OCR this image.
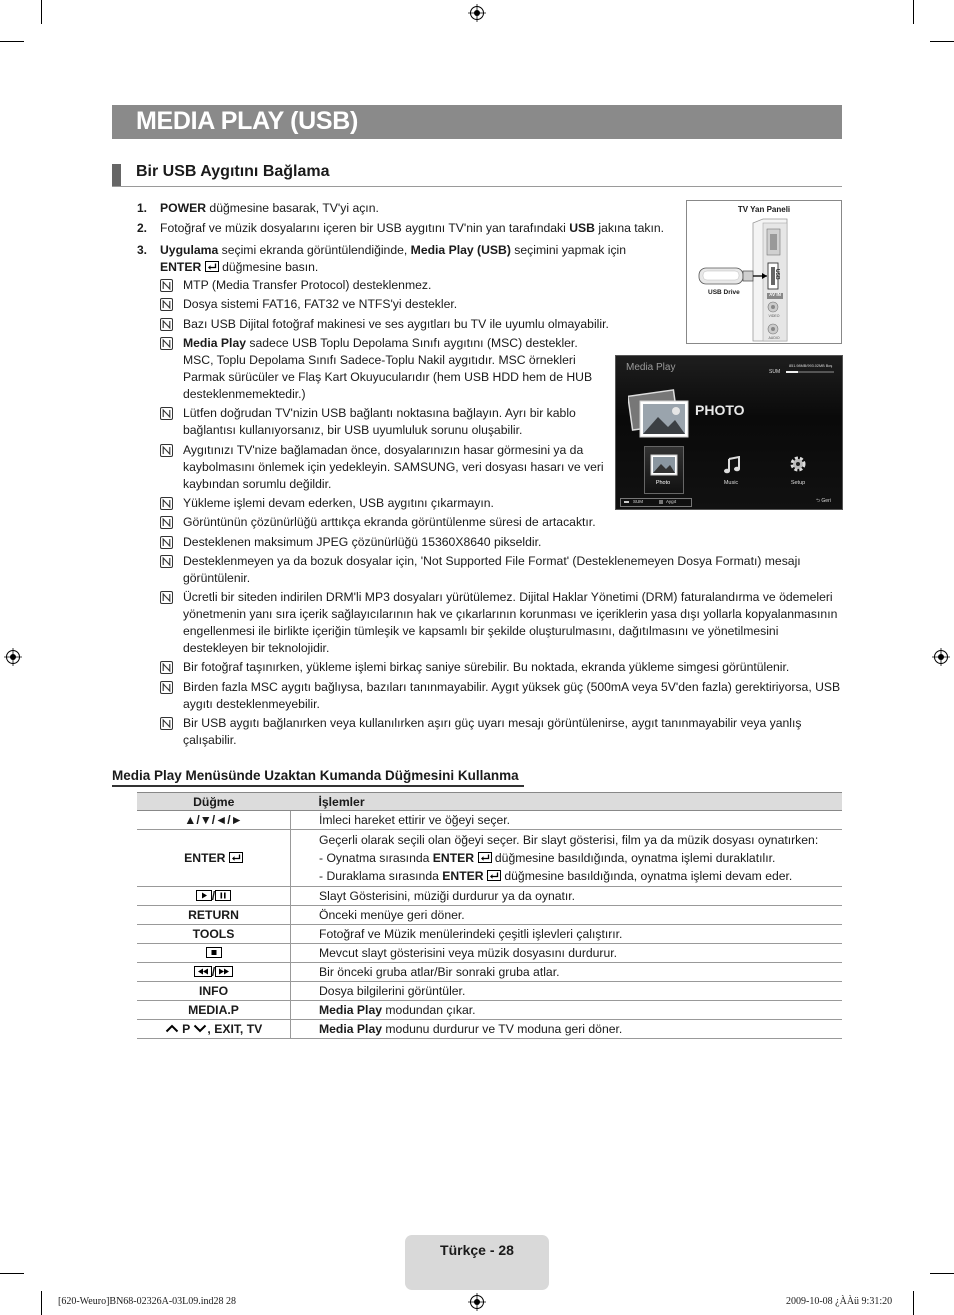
MEDIA PLAY (USB)
Bir USB Aygıtını Bağlama
1. POWER düğmesine basarak, TV'yi açın.
2. Fotoğraf ve müzik dosyalarını içeren bir USB aygıtını TV'nin yan tarafındaki USB jakına takın.
3. Uygulama seçimi ekranda görüntülendiğinde, Media Play (USB) seçimini yapmak için
ENTER  düğmesine basın.
MTP (Media Transfer Protocol) desteklenmez.
Dosya sistemi FAT16, FAT32 ve NTFS'yi destekler.
Bazı USB Dijital fotoğraf makinesi ve ses aygıtları bu TV ile uyumlu olmayabilir.
Media Play sadece USB Toplu Depolama Sınıfı aygıtını (MSC) destekler.
MSC, Toplu Depolama Sınıfı Sadece-Toplu Nakil aygıtıdır. MSC örnekleri
Parmak sürücüler ve Flaş Kart Okuyucularıdır (hem USB HDD hem de HUB
desteklenmemektedir.)
Lütfen doğrudan TV'nizin USB bağlantı noktasına bağlayın. Ayrı bir kablo
bağlantısı kullanıyorsanız, bir USB uyumluluk sorunu oluşabilir.
Aygıtınızı TV'nize bağlamadan önce, dosyalarınızın hasar görmesini ya da
kaybolmasını önlemek için yedekleyin. SAMSUNG, veri dosyası hasarı ve veri
kaybından sorumlu değildir.
Yükleme işlemi devam ederken, USB aygıtını çıkarmayın.
Görüntünün çözünürlüğü arttıkça ekranda görüntülenme süresi de artacaktır.
Desteklenen maksimum JPEG çözünürlüğü 15360X8640 pikseldir.
Desteklenmeyen ya da bozuk dosyalar için, 'Not Supported File Format' (Desteklenemeyen Dosya Formatı) mesajı
görüntülenir.
Ücretli bir siteden indirilen DRM'li MP3 dosyaları yürütülemez. Dijital Haklar Yönetimi (DRM) faturalandırma ve ödemeleri
yönetmenin yanı sıra içerik sağlayıcılarının hak ve çıkarlarının korunması ve içeriklerin yasa dışı yollarla kopyalanmasının
engellenmesi ile birlikte içeriğin tümleşik ve kapsamlı bir şekilde oluşturulmasını, dağıtılmasını ve yönetilmesini
destekleyen bir teknolojidir.
Bir fotoğraf taşınırken, yükleme işlemi birkaç saniye sürebilir. Bu noktada, ekranda yükleme simgesi görüntülenir.
Birden fazla MSC aygıtı bağlıysa, bazıları tanınmayabilir. Aygıt yüksek güç (500mA veya 5V'den fazla) gerektiriyorsa, USB
aygıtı desteklenmeyebilir.
Bir USB aygıtı bağlanırken veya kullanılırken aşırı güç uyarı mesajı görüntülenirse, aygıt tanınmayabilir veya yanlış
çalışabilir.
TV Yan Paneli
USB Drive
USB
AV IN
VIDEO
AUDIO
Media Play	SUM
851.98MB/993.02MB Boş
PHOTO
Photo	Music	Setup
SUM	Aygıt	⮌ Geri
Media Play Menüsünde Uzaktan Kumanda Düğmesini Kullanma
Düğme	İşlemler
▲/▼/◄/►	İmleci hareket ettirir ve öğeyi seçer.
ENTER	Geçerli olarak seçili olan öğeyi seçer. Bir slayt gösterisi, film ya da müzik dosyası oynatırken:
- Oynatma sırasında ENTER  düğmesine basıldığında, oynatma işlemi duraklatılır.
- Duraklama sırasında ENTER  düğmesine basıldığında, oynatma işlemi devam eder.

/	Slayt Gösterisini, müziği durdurur ya da oynatır.
RETURN	Önceki menüye geri döner.
TOOLS	Fotoğraf ve Müzik menülerindeki çeşitli işlevleri çalıştırır.
	Mevcut slayt gösterisini veya müzik dosyasını durdurur.
/	Bir önceki gruba atlar/Bir sonraki gruba atlar.
INFO	Dosya bilgilerini görüntüler.
MEDIA.P	Media Play modundan çıkar.
P , EXIT, TV	Media Play modunu durdurur ve TV moduna geri döner.
Türkçe - 28
[620-Weuro]BN68-02326A-03L09.ind28 28	2009-10-08 ¿ÀÀü 9:31:20
